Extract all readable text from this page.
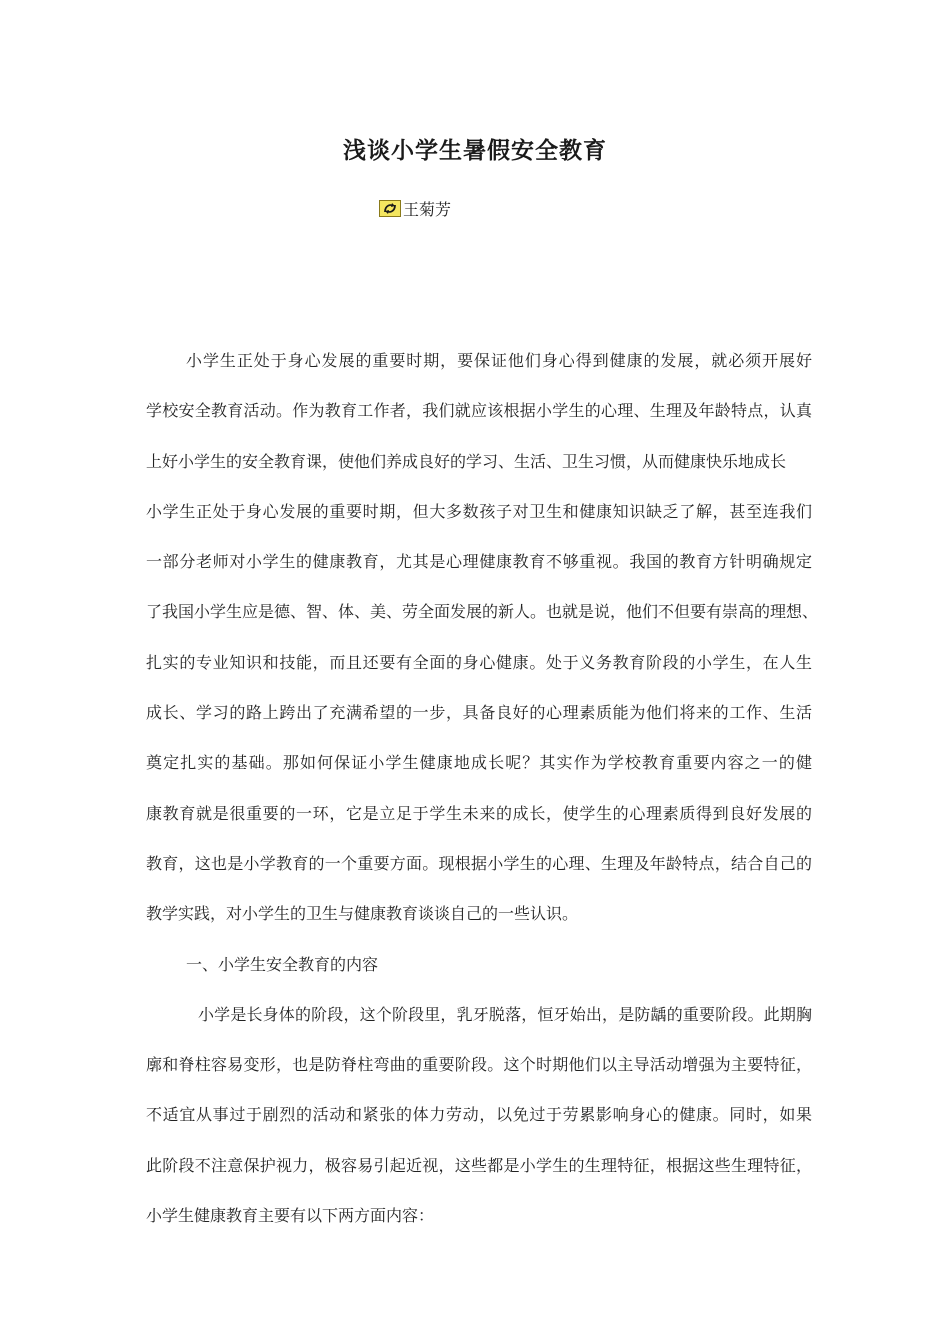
浅谈小学生暑假安全教育
王菊芳
小学生正处于身心发展的重要时期，要保证他们身心得到健康的发展，就必须开展好
学校安全教育活动。作为教育工作者，我们就应该根据小学生的心理、生理及年龄特点，认真
上好小学生的安全教育课，使他们养成良好的学习、生活、卫生习惯，从而健康快乐地成长
小学生正处于身心发展的重要时期，但大多数孩子对卫生和健康知识缺乏了解，甚至连我们
一部分老师对小学生的健康教育，尤其是心理健康教育不够重视。我国的教育方针明确规定
了我国小学生应是德、智、体、美、劳全面发展的新人。也就是说，他们不但要有崇高的理想、
扎实的专业知识和技能，而且还要有全面的身心健康。处于义务教育阶段的小学生，在人生
成长、学习的路上跨出了充满希望的一步，具备良好的心理素质能为他们将来的工作、生活
奠定扎实的基础。那如何保证小学生健康地成长呢？其实作为学校教育重要内容之一的健
康教育就是很重要的一环，它是立足于学生未来的成长，使学生的心理素质得到良好发展的
教育，这也是小学教育的一个重要方面。现根据小学生的心理、生理及年龄特点，结合自己的
教学实践，对小学生的卫生与健康教育谈谈自己的一些认识。
一、小学生安全教育的内容
小学是长身体的阶段，这个阶段里，乳牙脱落，恒牙始出，是防龋的重要阶段。此期胸
廓和脊柱容易变形，也是防脊柱弯曲的重要阶段。这个时期他们以主导活动增强为主要特征，
不适宜从事过于剧烈的活动和紧张的体力劳动，以免过于劳累影响身心的健康。同时，如果
此阶段不注意保护视力，极容易引起近视，这些都是小学生的生理特征，根据这些生理特征，
小学生健康教育主要有以下两方面内容：
